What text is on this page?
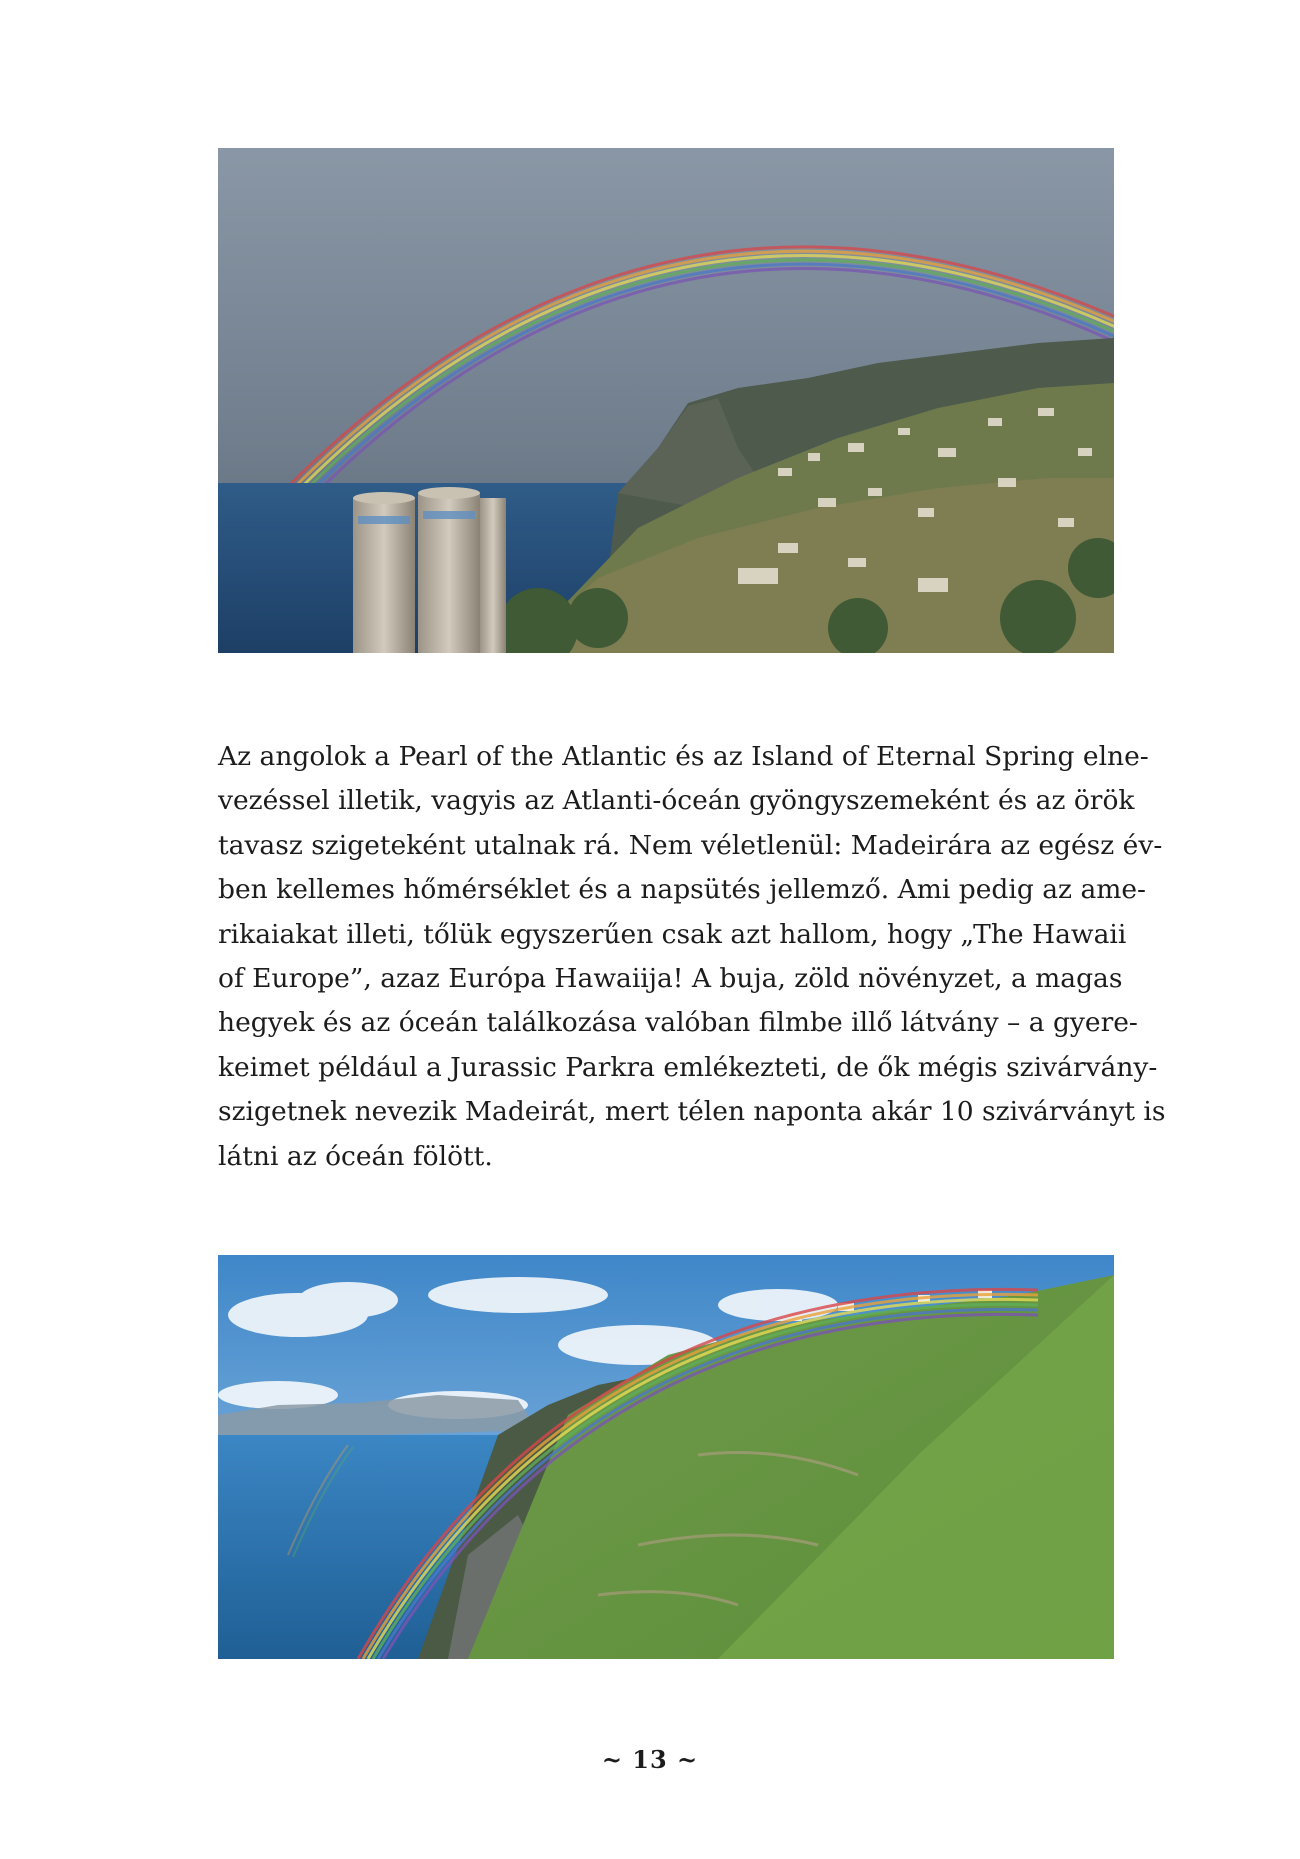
Az angolok a Pearl of the Atlantic és az Island of Eternal Spring elne-
vezéssel illetik, vagyis az Atlanti-óceán gyöngyszemeként és az örök
tavasz szigeteként utalnak rá. Nem véletlenül: Madeirára az egész év-
ben kellemes hőmérséklet és a napsütés jellemző. Ami pedig az ame-
rikaiakat illeti, tőlük egyszerűen csak azt hallom, hogy „The Hawaii
of Europe”, azaz Európa Hawaiija! A buja, zöld növényzet, a magas
hegyek és az óceán találkozása valóban filmbe illő látvány – a gyere-
keimet például a Jurassic Parkra emlékezteti, de ők mégis szivárvány-
szigetnek nevezik Madeirát, mert télen naponta akár 10 szivárványt is
látni az óceán fölött.

~ 13 ~
